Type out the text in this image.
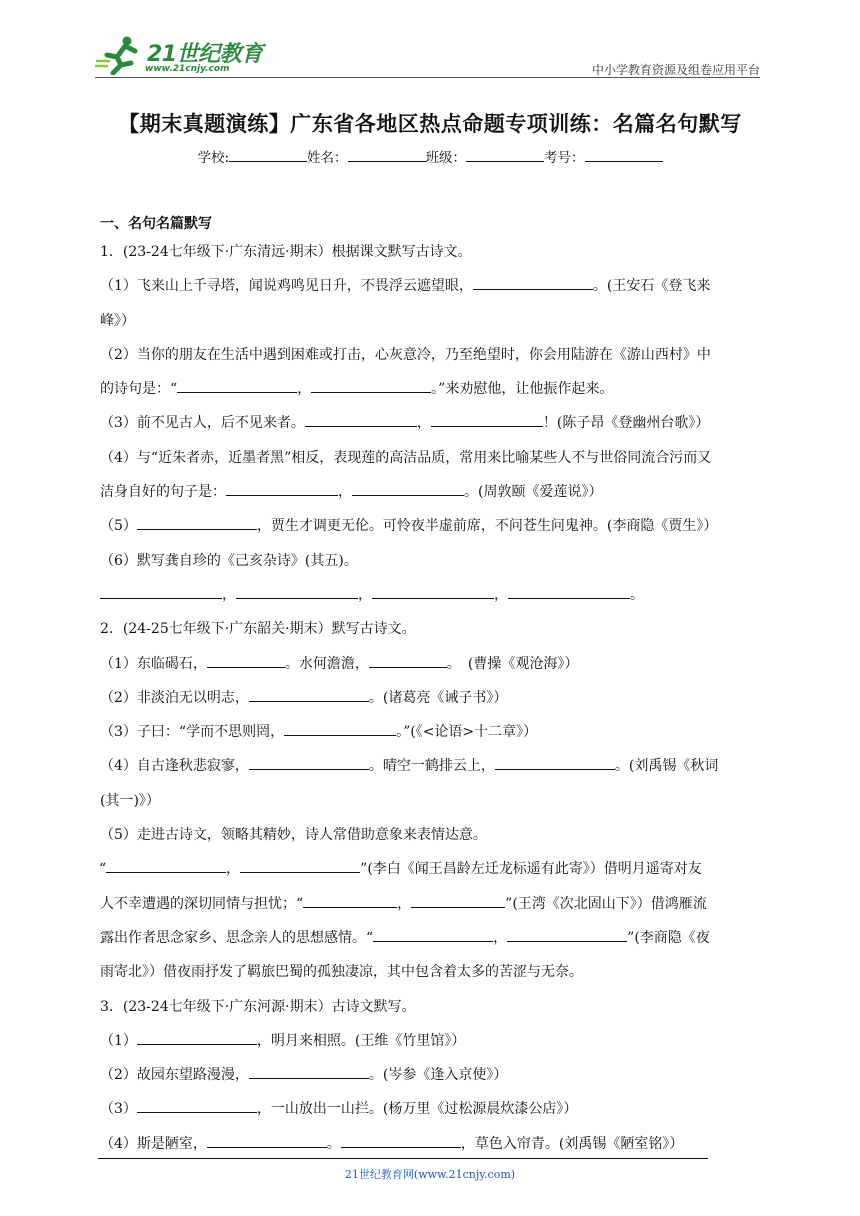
21世纪教育
www.21cnjy.com	中小学教育资源及组卷应用平台
【期末真题演练】广东省各地区热点命题专项训练：名篇名句默写
学校:	姓名：	班级：	考号：
一、名句名篇默写
1．(23-24七年级下·广东清远·期末）根据课文默写古诗文。
（1）飞来山上千寻塔，闻说鸡鸣见日升，不畏浮云遮望眼，	。(王安石《登飞来
峰》）
（2）当你的朋友在生活中遇到困难或打击，心灰意冷，乃至绝望时，你会用陆游在《游山西村》中
的诗句是：“	，	。”来劝慰他，让他振作起来。
（3）前不见古人，后不见来者。	，	！(陈子昂《登幽州台歌》）
（4）与“近朱者赤，近墨者黑”相反，表现莲的高洁品质，常用来比喻某些人不与世俗同流合污而又
洁身自好的句子是：	，	。(周敦颐《爱莲说》）
（5）	，贾生才调更无伦。可怜夜半虚前席，不问苍生问鬼神。(李商隐《贾生》）
（6）默写龚自珍的《己亥杂诗》(其五)。
，	，	，	。
2．(24-25七年级下·广东韶关·期末）默写古诗文。
（1）东临碣石，	。水何澹澹，	。　(曹操《观沧海》）
（2）非淡泊无以明志，	。(诸葛亮《诫子书》）
（3）子曰：“学而不思则罔，	。”(《<论语>十二章》）
（4）自古逢秋悲寂寥，	。晴空一鹤排云上，	。(刘禹锡《秋词
(其一)》）
（5）走进古诗文，领略其精妙，诗人常借助意象来表情达意。
“	，	”(李白《闻王昌龄左迁龙标遥有此寄》）借明月遥寄对友
人不幸遭遇的深切同情与担忧；“	，	”(王湾《次北固山下》）借鸿雁流
露出作者思念家乡、思念亲人的思想感情。“	，	”(李商隐《夜
雨寄北》）借夜雨抒发了羁旅巴蜀的孤独凄凉，其中包含着太多的苦涩与无奈。
3．(23-24七年级下·广东河源·期末）古诗文默写。
（1）	，明月来相照。(王维《竹里馆》）
（2）故园东望路漫漫，	。(岑参《逢入京使》）
（3）	，一山放出一山拦。(杨万里《过松源晨炊漆公店》）
（4）斯是陋室，	。	，草色入帘青。(刘禹锡《陋室铭》）
21世纪教育网(www.21cnjy.com)
